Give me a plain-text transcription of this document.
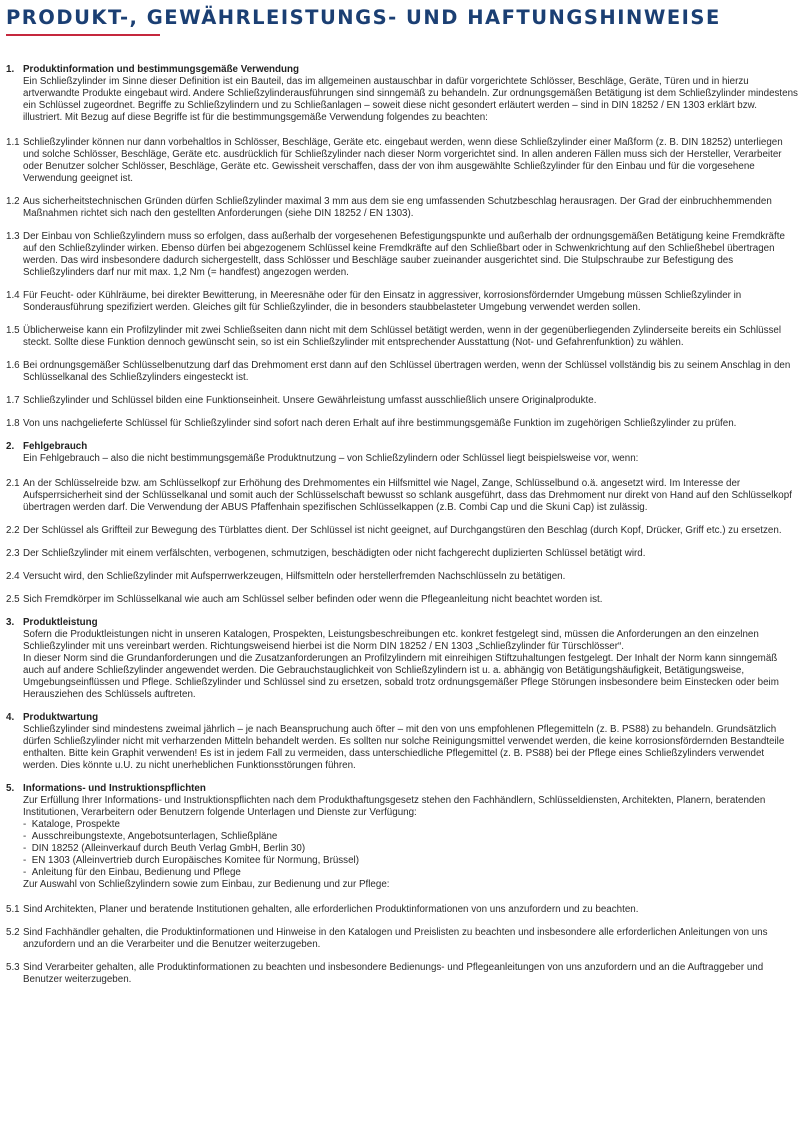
PRODUKT-, GEWÄHRLEISTUNGS- UND HAFTUNGSHINWEISE
1. Produktinformation und bestimmungsgemäße Verwendung
Ein Schließzylinder im Sinne dieser Definition ist ein Bauteil, das im allgemeinen austauschbar in dafür vorgerichtete Schlösser, Beschläge, Geräte, Türen und in hierzu artverwandte Produkte eingebaut wird. Andere Schließzylinderausführungen sind sinngemäß zu behandeln. Zur ordnungsgemäßen Betätigung ist dem Schließzylinder mindestens ein Schlüssel zugeordnet. Begriffe zu Schließzylindern und zu Schließanlagen – soweit diese nicht gesondert erläutert werden – sind in DIN 18252 / EN 1303 erklärt bzw. illustriert. Mit Bezug auf diese Begriffe ist für die bestimmungsgemäße Verwendung folgendes zu beachten:
1.1 Schließzylinder können nur dann vorbehaltlos in Schlösser, Beschläge, Geräte etc. eingebaut werden, wenn diese Schließzylinder einer Maßform (z. B. DIN 18252) unterliegen und solche Schlösser, Beschläge, Geräte etc. ausdrücklich für Schließzylinder nach dieser Norm vorgerichtet sind. In allen anderen Fällen muss sich der Hersteller, Verarbeiter oder Benutzer solcher Schlösser, Beschläge, Geräte etc. Gewissheit verschaffen, dass der von ihm ausgewählte Schließzylinder für den Einbau und für die vorgesehene Verwendung geeignet ist.
1.2 Aus sicherheitstechnischen Gründen dürfen Schließzylinder maximal 3 mm aus dem sie eng umfassenden Schutzbeschlag herausragen. Der Grad der einbruchhemmenden Maßnahmen richtet sich nach den gestellten Anforderungen (siehe DIN 18252 / EN 1303).
1.3 Der Einbau von Schließzylindern muss so erfolgen, dass außerhalb der vorgesehenen Befestigungspunkte und außerhalb der ordnungsgemäßen Betätigung keine Fremdkräfte auf den Schließzylinder wirken. Ebenso dürfen bei abgezogenem Schlüssel keine Fremdkräfte auf den Schließbart oder in Schwenkrichtung auf den Schließhebel übertragen werden. Das wird insbesondere dadurch sichergestellt, dass Schlösser und Beschläge sauber zueinander ausgerichtet sind. Die Stulpschraube zur Befestigung des Schließzylinders darf nur mit max. 1,2 Nm (= handfest) angezogen werden.
1.4 Für Feucht- oder Kühlräume, bei direkter Bewitterung, in Meeresnähe oder für den Einsatz in aggressiver, korrosionsfördernder Umgebung müssen Schließzylinder in Sonderausführung spezifiziert werden. Gleiches gilt für Schließzylinder, die in besonders staubbelasteter Umgebung verwendet werden sollen.
1.5 Üblicherweise kann ein Profilzylinder mit zwei Schließseiten dann nicht mit dem Schlüssel betätigt werden, wenn in der gegenüberliegenden Zylinderseite bereits ein Schlüssel steckt. Sollte diese Funktion dennoch gewünscht sein, so ist ein Schließzylinder mit entsprechender Ausstattung (Not- und Gefahrenfunktion) zu wählen.
1.6 Bei ordnungsgemäßer Schlüsselbenutzung darf das Drehmoment erst dann auf den Schlüssel übertragen werden, wenn der Schlüssel vollständig bis zu seinem Anschlag in den Schlüsselkanal des Schließzylinders eingesteckt ist.
1.7 Schließzylinder und Schlüssel bilden eine Funktionseinheit. Unsere Gewährleistung umfasst ausschließlich unsere Originalprodukte.
1.8 Von uns nachgelieferte Schlüssel für Schließzylinder sind sofort nach deren Erhalt auf ihre bestimmungsgemäße Funktion im zugehörigen Schließzylinder zu prüfen.
2. Fehlgebrauch
Ein Fehlgebrauch – also die nicht bestimmungsgemäße Produktnutzung – von Schließzylindern oder Schlüssel liegt beispielsweise vor, wenn:
2.1 An der Schlüsselreide bzw. am Schlüsselkopf zur Erhöhung des Drehmomentes ein Hilfsmittel wie Nagel, Zange, Schlüsselbund o.ä. angesetzt wird. Im Interesse der Aufsperrsicherheit sind der Schlüsselkanal und somit auch der Schlüsselschaft bewusst so schlank ausgeführt, dass das Drehmoment nur direkt von Hand auf den Schlüsselkopf übertragen werden darf. Die Verwendung der ABUS Pfaffenhain spezifischen Schlüsselkappen (z.B. Combi Cap und die Skuni Cap) ist zulässig.
2.2 Der Schlüssel als Griffteil zur Bewegung des Türblattes dient. Der Schlüssel ist nicht geeignet, auf Durchgangstüren den Beschlag (durch Kopf, Drücker, Griff etc.) zu ersetzen.
2.3 Der Schließzylinder mit einem verfälschten, verbogenen, schmutzigen, beschädigten oder nicht fachgerecht duplizierten Schlüssel betätigt wird.
2.4 Versucht wird, den Schließzylinder mit Aufsperrwerkzeugen, Hilfsmitteln oder herstellerfremden Nachschlüsseln zu betätigen.
2.5 Sich Fremdkörper im Schlüsselkanal wie auch am Schlüssel selber befinden oder wenn die Pflegeanleitung nicht beachtet worden ist.
3. Produktleistung
Sofern die Produktleistungen nicht in unseren Katalogen, Prospekten, Leistungsbeschreibungen etc. konkret festgelegt sind, müssen die Anforderungen an den einzelnen Schließzylinder mit uns vereinbart werden. Richtungsweisend hierbei ist die Norm DIN 18252 / EN 1303 „Schließzylinder für Türschlösser“.
In dieser Norm sind die Grundanforderungen und die Zusatzanforderungen an Profilzylindern mit einreihigen Stiftzuhaltungen festgelegt. Der Inhalt der Norm kann sinngemäß auch auf andere Schließzylinder angewendet werden. Die Gebrauchstauglichkeit von Schließzylindern ist u. a. abhängig von Betätigungshäufigkeit, Betätigungsweise, Umgebungseinflüssen und Pflege. Schließzylinder und Schlüssel sind zu ersetzen, sobald trotz ordnungsgemäßer Pflege Störungen insbesondere beim Einstecken oder beim Herausziehen des Schlüssels auftreten.
4. Produktwartung
Schließzylinder sind mindestens zweimal jährlich – je nach Beanspruchung auch öfter – mit den von uns empfohlenen Pflegemitteln (z. B. PS88) zu behandeln. Grundsätzlich dürfen Schließzylinder nicht mit verharzenden Mitteln behandelt werden. Es sollten nur solche Reinigungsmittel verwendet werden, die keine korrosionsfördernden Bestandteile enthalten. Bitte kein Graphit verwenden! Es ist in jedem Fall zu vermeiden, dass unterschiedliche Pflegemittel (z. B. PS88) bei der Pflege eines Schließzylinders verwendet werden. Dies könnte u.U. zu nicht unerheblichen Funktionsstörungen führen.
5. Informations- und Instruktionspflichten
Zur Erfüllung Ihrer Informations- und Instruktionspflichten nach dem Produkthaftungsgesetz stehen den Fachhändlern, Schlüsseldiensten, Architekten, Planern, beratenden Institutionen, Verarbeitern oder Benutzern folgende Unterlagen und Dienste zur Verfügung:
-  Kataloge, Prospekte
-  Ausschreibungstexte, Angebotsunterlagen, Schließpläne
-  DIN 18252 (Alleinverkauf durch Beuth Verlag GmbH, Berlin 30)
-  EN 1303 (Alleinvertrieb durch Europäisches Komitee für Normung, Brüssel)
-  Anleitung für den Einbau, Bedienung und Pflege
Zur Auswahl von Schließzylindern sowie zum Einbau, zur Bedienung und zur Pflege:
5.1 Sind Architekten, Planer und beratende Institutionen gehalten, alle erforderlichen Produktinformationen von uns anzufordern und zu beachten.
5.2 Sind Fachhändler gehalten, die Produktinformationen und Hinweise in den Katalogen und Preislisten zu beachten und insbesondere alle erforderlichen Anleitungen von uns anzufordern und an die Verarbeiter und die Benutzer weiterzugeben.
5.3 Sind Verarbeiter gehalten, alle Produktinformationen zu beachten und insbesondere Bedienungs- und Pflegeanleitungen von uns anzufordern und an die Auftraggeber und Benutzer weiterzugeben.
